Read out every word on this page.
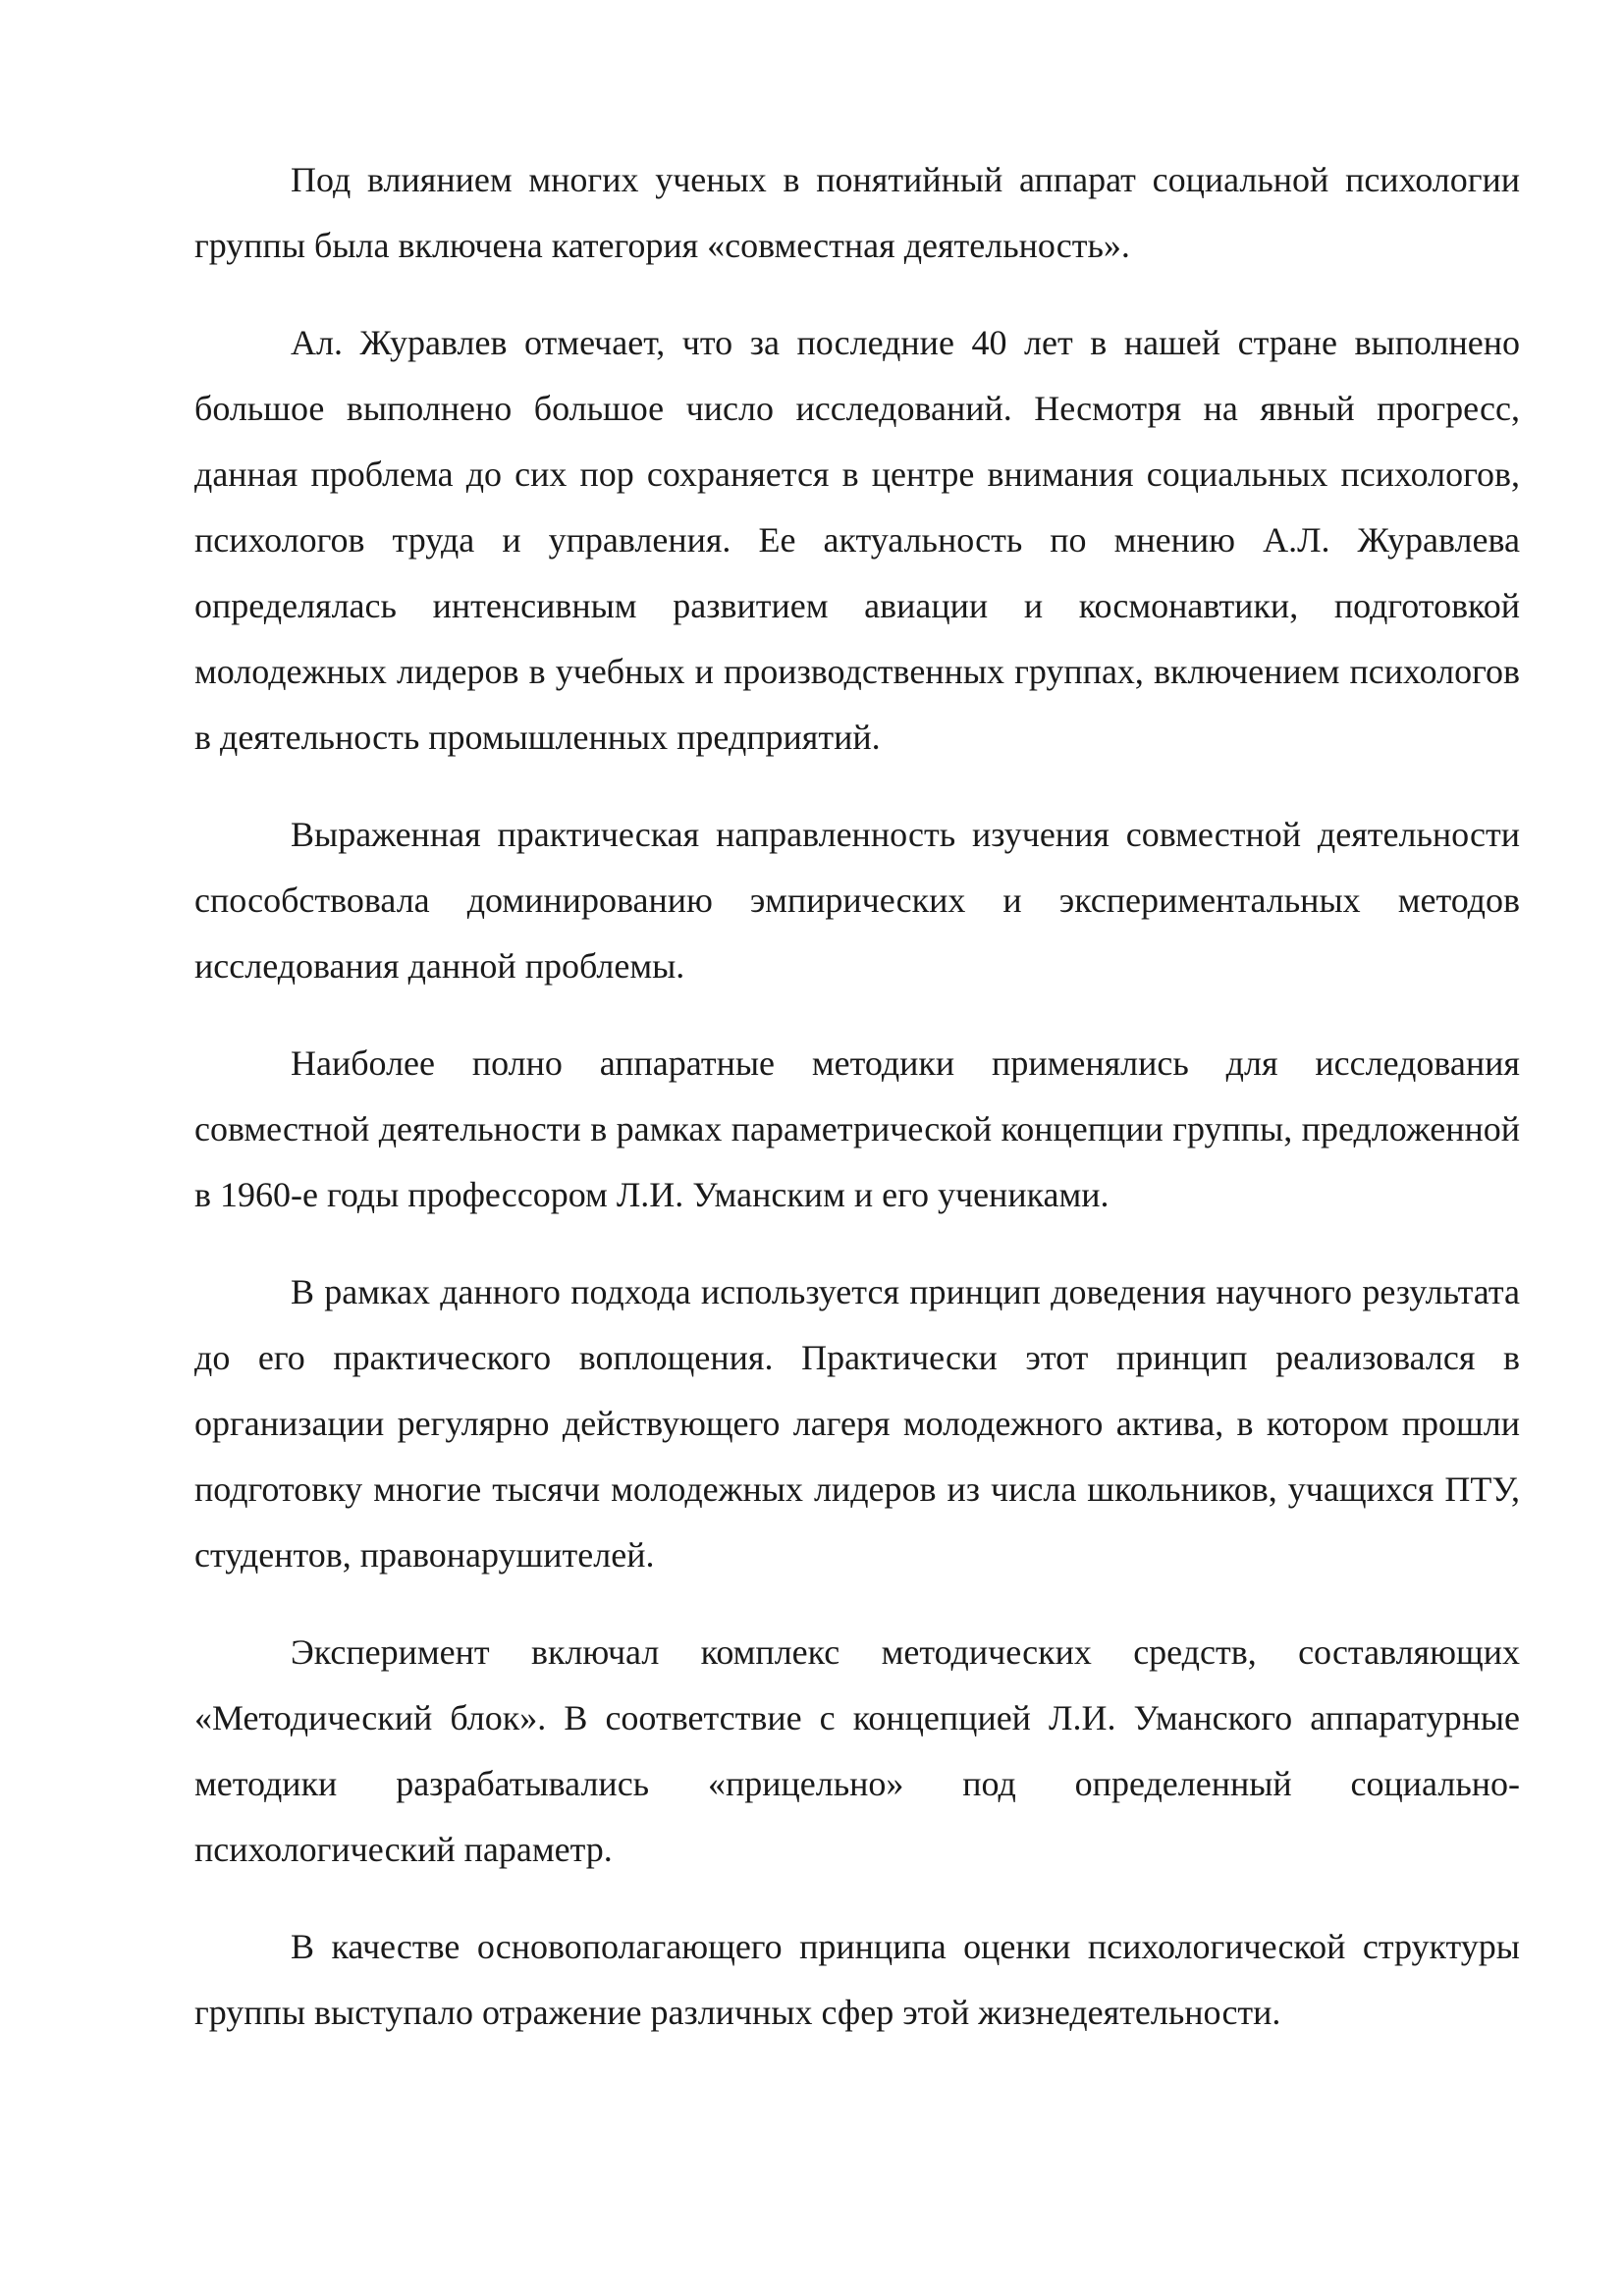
Под влиянием многих ученых в понятийный аппарат социальной психологии группы была включена категория «совместная деятельность».

Ал. Журавлев отмечает, что за последние 40 лет в нашей стране выполнено большое выполнено большое число исследований. Несмотря на явный прогресс, данная проблема до сих пор сохраняется в центре внимания социальных психологов, психологов труда и управления. Ее актуальность по мнению А.Л. Журавлева определялась интенсивным развитием авиации и космонавтики, подготовкой молодежных лидеров в учебных и производственных группах, включением психологов в деятельность промышленных предприятий.

Выраженная практическая направленность изучения совместной деятельности способствовала доминированию эмпирических и экспериментальных методов исследования данной проблемы.

Наиболее полно аппаратные методики применялись для исследования совместной деятельности в рамках параметрической концепции группы, предложенной в 1960-е годы профессором Л.И. Уманским и его учениками.

В рамках данного подхода используется принцип доведения научного результата до его практического воплощения. Практически этот принцип реализовался в организации регулярно действующего лагеря молодежного актива, в котором прошли подготовку многие тысячи молодежных лидеров из числа школьников, учащихся ПТУ, студентов, правонарушителей.

Эксперимент включал комплекс методических средств, составляющих «Методический блок». В соответствие с концепцией Л.И. Уманского аппаратурные методики разрабатывались «прицельно» под определенный социально-психологический параметр.

В качестве основополагающего принципа оценки психологической структуры группы выступало отражение различных сфер этой жизнедеятельности.
